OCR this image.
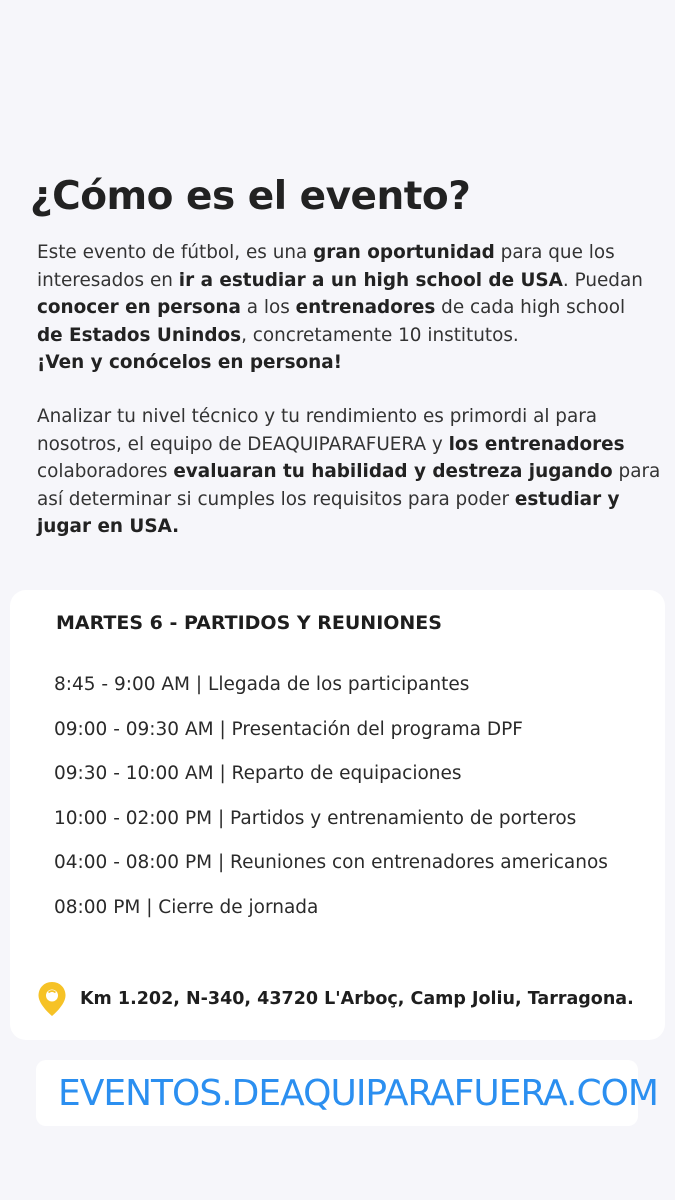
¿Cómo es el evento?
Este evento de fútbol, es una gran oportunidad para que los
interesados en ir a estudiar a un high school de USA. Puedan
conocer en persona a los entrenadores de cada high school
de Estados Unindos, concretamente 10 institutos.
¡Ven y conócelos en persona!
Analizar tu nivel técnico y tu rendimiento es primordi al para
nosotros, el equipo de DEAQUIPARAFUERA y los entrenadores
colaboradores evaluaran tu habilidad y destreza jugando para
así determinar si cumples los requisitos para poder estudiar y
jugar en USA.
MARTES 6 - PARTIDOS Y REUNIONES
8:45 - 9:00 AM | Llegada de los participantes
09:00 - 09:30 AM | Presentación del programa DPF
09:30 - 10:00 AM | Reparto de equipaciones
10:00 - 02:00 PM | Partidos y entrenamiento de porteros
04:00 - 08:00 PM | Reuniones con entrenadores americanos
08:00 PM | Cierre de jornada
Km 1.202, N-340, 43720 L'Arboç, Camp Joliu, Tarragona.
EVENTOS.DEAQUIPARAFUERA.COM
